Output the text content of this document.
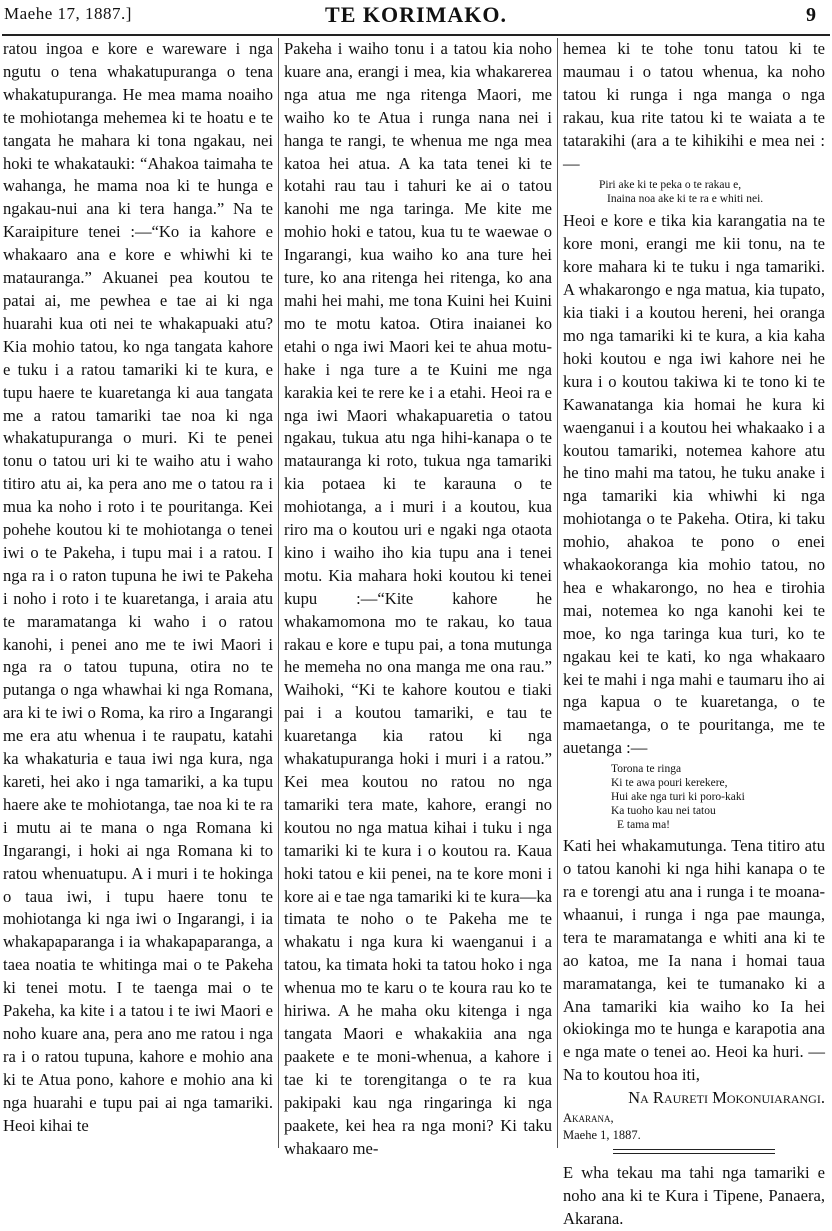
Maehe 17, 1887.]	TE KORIMAKO.	9

ratou ingoa e kore e wareware i nga ngutu o tena whakatupuranga o tena whakatupuranga. He mea mama noaiho te mohiotanga mehemea ki te hoatu e te tangata he mahara ki tona ngakau, nei hoki te whakatauki: “Ahakoa taimaha te wahanga, he mama noa ki te hunga e ngakau-nui ana ki tera hanga.” Na te Karaipiture tenei :—“Ko ia kahore e whakaaro ana e kore e whiwhi ki te matauranga.” Akuanei pea koutou te patai ai, me pewhea e tae ai ki nga huarahi kua oti nei te whakapuaki atu? Kia mohio tatou, ko nga tangata kahore e tuku i a ratou tamariki ki te kura, e tupu haere te kuaretanga ki aua tangata me a ratou tamariki tae noa ki nga whakatupuranga o muri. Ki te penei tonu o tatou uri ki te waiho atu i waho titiro atu ai, ka pera ano me o tatou ra i mua ka noho i roto i te pouritanga. Kei pohehe koutou ki te mohiotanga o tenei iwi o te Pakeha, i tupu mai i a ratou. I nga ra i o raton tupuna he iwi te Pakeha i noho i roto i te kuaretanga, i araia atu te maramatanga ki waho i o ratou kanohi, i penei ano me te iwi Maori i nga ra o tatou tupuna, otira no te putanga o nga whawhai ki nga Romana, ara ki te iwi o Roma, ka riro a Ingarangi me era atu whenua i te raupatu, katahi ka whakaturia e taua iwi nga kura, nga kareti, hei ako i nga tamariki, a ka tupu haere ake te mohiotanga, tae noa ki te ra i mutu ai te mana o nga Romana ki Ingarangi, i hoki ai nga Romana ki to ratou whenuatupu. A i muri i te hokinga o taua iwi, i tupu haere tonu te mohiotanga ki nga iwi o Ingarangi, i ia whakapaparanga i ia whakapaparanga, a taea noatia te whitinga mai o te Pakeha ki tenei motu. I te taenga mai o te Pakeha, ka kite i a tatou i te iwi Maori e noho kuare ana, pera ano me ratou i nga ra i o ratou tupuna, kahore e mohio ana ki te Atua pono, kahore e mohio ana ki nga huarahi e tupu pai ai nga tamariki. Heoi kihai te

Pakeha i waiho tonu i a tatou kia noho kuare ana, erangi i mea, kia whakarerea nga atua me nga ritenga Maori, me waiho ko te Atua i runga nana nei i hanga te rangi, te whenua me nga mea katoa hei atua. A ka tata tenei ki te kotahi rau tau i tahuri ke ai o tatou kanohi me nga taringa. Me kite me mohio hoki e tatou, kua tu te waewae o Ingarangi, kua waiho ko ana ture hei ture, ko ana ritenga hei ritenga, ko ana mahi hei mahi, me tona Kuini hei Kuini mo te motu katoa. Otira inaianei ko etahi o nga iwi Maori kei te ahua motu-hake i nga ture a te Kuini me nga karakia kei te rere ke i a etahi. Heoi ra e nga iwi Maori whakapuaretia o tatou ngakau, tukua atu nga hihi-kanapa o te matauranga ki roto, tukua nga tamariki kia potaea ki te karauna o te mohiotanga, a i muri i a koutou, kua riro ma o koutou uri e ngaki nga otaota kino i waiho iho kia tupu ana i tenei motu. Kia mahara hoki koutou ki tenei kupu :—“Kite kahore he whakamomona mo te rakau, ko taua rakau e kore e tupu pai, a tona mutunga he memeha no ona manga me ona rau.” Waihoki, “Ki te kahore koutou e tiaki pai i a koutou tamariki, e tau te kuaretanga kia ratou ki nga whakatupuranga hoki i muri i a ratou.” Kei mea koutou no ratou no nga tamariki tera mate, kahore, erangi no koutou no nga matua kihai i tuku i nga tamariki ki te kura i o koutou ra. Kaua hoki tatou e kii penei, na te kore moni i kore ai e tae nga tamariki ki te kura—ka timata te noho o te Pakeha me te whakatu i nga kura ki waenganui i a tatou, ka timata hoki ta tatou hoko i nga whenua mo te karu o te koura rau ko te hiriwa. A he maha oku kitenga i nga tangata Maori e whakakiia ana nga paakete e te moni-whenua, a kahore i tae ki te torengitanga o te ra kua pakipaki kau nga ringaringa ki nga paakete, kei hea ra nga moni? Ki taku whakaaro me-

hemea ki te tohe tonu tatou ki te maumau i o tatou whenua, ka noho tatou ki runga i nga manga o nga rakau, kua rite tatou ki te waiata a te tatarakihi (ara a te kihikihi e mea nei :—

Piri ake ki te peka o te rakau e,
Inaina noa ake ki te ra e whiti nei.

Heoi e kore e tika kia karangatia na te kore moni, erangi me kii tonu, na te kore mahara ki te tuku i nga tamariki. A whakarongo e nga matua, kia tupato, kia tiaki i a koutou hereni, hei oranga mo nga tamariki ki te kura, a kia kaha hoki koutou e nga iwi kahore nei he kura i o koutou takiwa ki te tono ki te Kawanatanga kia homai he kura ki waenganui i a koutou hei whakaako i a koutou tamariki, notemea kahore atu he tino mahi ma tatou, he tuku anake i nga tamariki kia whiwhi ki nga mohiotanga o te Pakeha. Otira, ki taku mohio, ahakoa te pono o enei whakaokoranga kia mohio tatou, no hea e whakarongo, no hea e tirohia mai, notemea ko nga kanohi kei te moe, ko nga taringa kua turi, ko te ngakau kei te kati, ko nga whakaaro kei te mahi i nga mahi e taumaru iho ai nga kapua o te kuaretanga, o te mamaetanga, o te pouritanga, me te auetanga :—

Torona te ringa
Ki te awa pouri kerekere,
Hui ake nga turi ki poro-kaki
Ka tuoho kau nei tatou
E tama ma!

Kati hei whakamutunga. Tena titiro atu o tatou kanohi ki nga hihi kanapa o te ra e torengi atu ana i runga i te moana-whaanui, i runga i nga pae maunga, tera te maramatanga e whiti ana ki te ao katoa, me Ia nana i homai taua maramatanga, kei te tumanako ki a Ana tamariki kia waiho ko Ia hei okiokinga mo te hunga e karapotia ana e nga mate o tenei ao. Heoi ka huri. —Na to koutou hoa iti,

Na Raureti Mokonuiarangi.

Akarana,

Maehe 1, 1887.

E wha tekau ma tahi nga tamariki e noho ana ki te Kura i Tipene, Panaera, Akarana.
